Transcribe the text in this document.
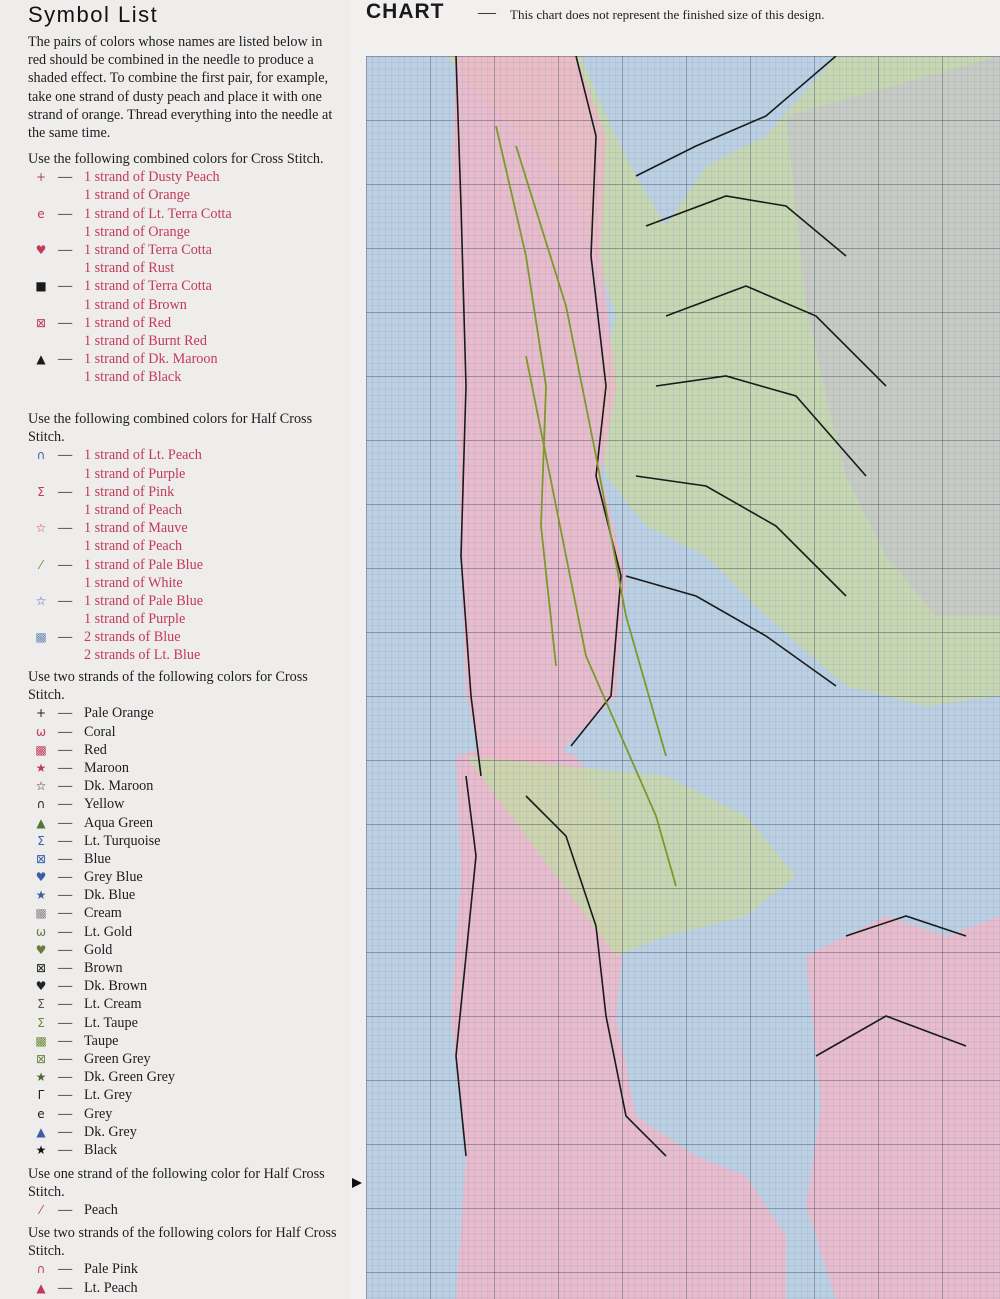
Symbol List
The pairs of colors whose names are listed below in red should be combined in the needle to produce a shaded effect. To combine the first pair, for example, take one strand of dusty peach and place it with one strand of orange. Thread everything into the needle at the same time.
Use the following combined colors for Cross Stitch.
+ — 1 strand of Dusty Peach
1 strand of Orange
e — 1 strand of Lt. Terra Cotta
1 strand of Orange
♥ — 1 strand of Terra Cotta
1 strand of Rust
■ — 1 strand of Terra Cotta
1 strand of Brown
⊠ — 1 strand of Red
1 strand of Burnt Red
▲ — 1 strand of Dk. Maroon
1 strand of Black
Use the following combined colors for Half Cross Stitch.
∩ — 1 strand of Lt. Peach
1 strand of Purple
Σ — 1 strand of Pink
1 strand of Peach
☆ — 1 strand of Mauve
1 strand of Peach
⁄	— 1 strand of Pale Blue
1 strand of White
☆ — 1 strand of Pale Blue
1 strand of Purple
▩ — 2 strands of Blue
2 strands of Lt. Blue
Use two strands of the following colors for Cross Stitch.
+ — Pale Orange
ω — Coral
▩ — Red
★ — Maroon
☆ — Dk. Maroon
∩ — Yellow
▲ — Aqua Green
Σ — Lt. Turquoise
⊠ — Blue
♥ — Grey Blue
★ — Dk. Blue
▩ — Cream
ω — Lt. Gold
♥ — Gold
⊠ — Brown
♥ — Dk. Brown
Σ — Lt. Cream
Σ — Lt. Taupe
▩ — Taupe
⊠ — Green Grey
★ — Dk. Green Grey
Γ — Lt. Grey
e — Grey
▲ — Dk. Grey
★ — Black
Use one strand of the following color for Half Cross Stitch.
⁄	— Peach
Use two strands of the following colors for Half Cross Stitch.
∩ — Pale Pink
▲ — Lt. Peach
CHART — This chart does not represent the finished size of this design.
